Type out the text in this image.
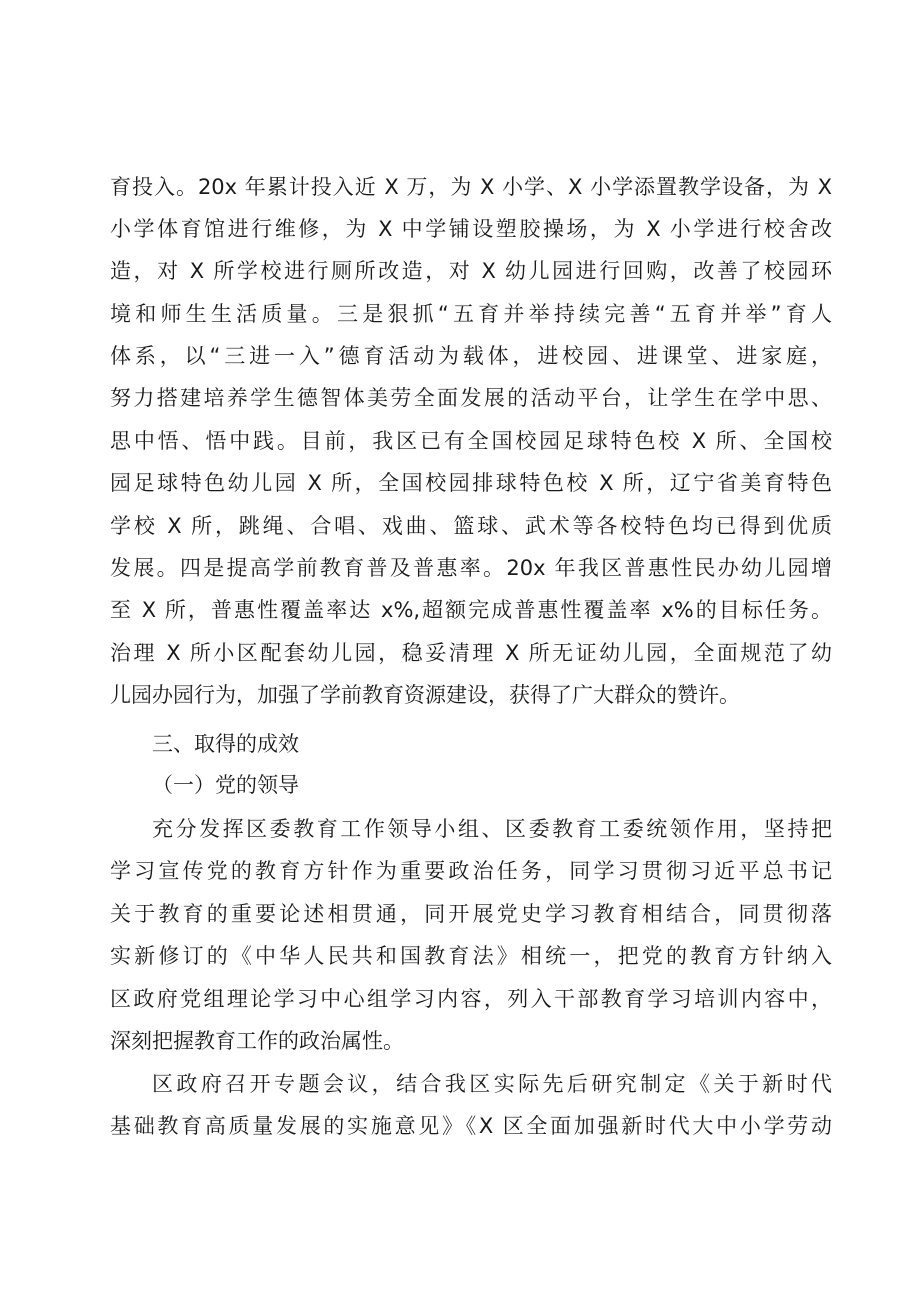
育投入。20x 年累计投入近 X 万，为 X 小学、X 小学添置教学设备，为 X
小学体育馆进行维修，为 X 中学铺设塑胶操场，为 X 小学进行校舍改
造，对 X 所学校进行厕所改造，对 X 幼儿园进行回购，改善了校园环
境和师生生活质量。三是狠抓“五育并举持续完善“五育并举”育人
体系，以“三进一入”德育活动为载体，进校园、进课堂、进家庭，
努力搭建培养学生德智体美劳全面发展的活动平台，让学生在学中思、
思中悟、悟中践。目前，我区已有全国校园足球特色校 X 所、全国校
园足球特色幼儿园 X 所，全国校园排球特色校 X 所，辽宁省美育特色
学校 X 所，跳绳、合唱、戏曲、篮球、武术等各校特色均已得到优质
发展。四是提高学前教育普及普惠率。20x 年我区普惠性民办幼儿园增
至 X 所，普惠性覆盖率达 x%,超额完成普惠性覆盖率 x%的目标任务。
治理 X 所小区配套幼儿园，稳妥清理 X 所无证幼儿园，全面规范了幼
儿园办园行为，加强了学前教育资源建设，获得了广大群众的赞许。
三、取得的成效
（一）党的领导
充分发挥区委教育工作领导小组、区委教育工委统领作用，坚持把
学习宣传党的教育方针作为重要政治任务，同学习贯彻习近平总书记
关于教育的重要论述相贯通，同开展党史学习教育相结合，同贯彻落
实新修订的《中华人民共和国教育法》相统一，把党的教育方针纳入
区政府党组理论学习中心组学习内容，列入干部教育学习培训内容中，
深刻把握教育工作的政治属性。
区政府召开专题会议，结合我区实际先后研究制定《关于新时代
基础教育高质量发展的实施意见》《X 区全面加强新时代大中小学劳动
